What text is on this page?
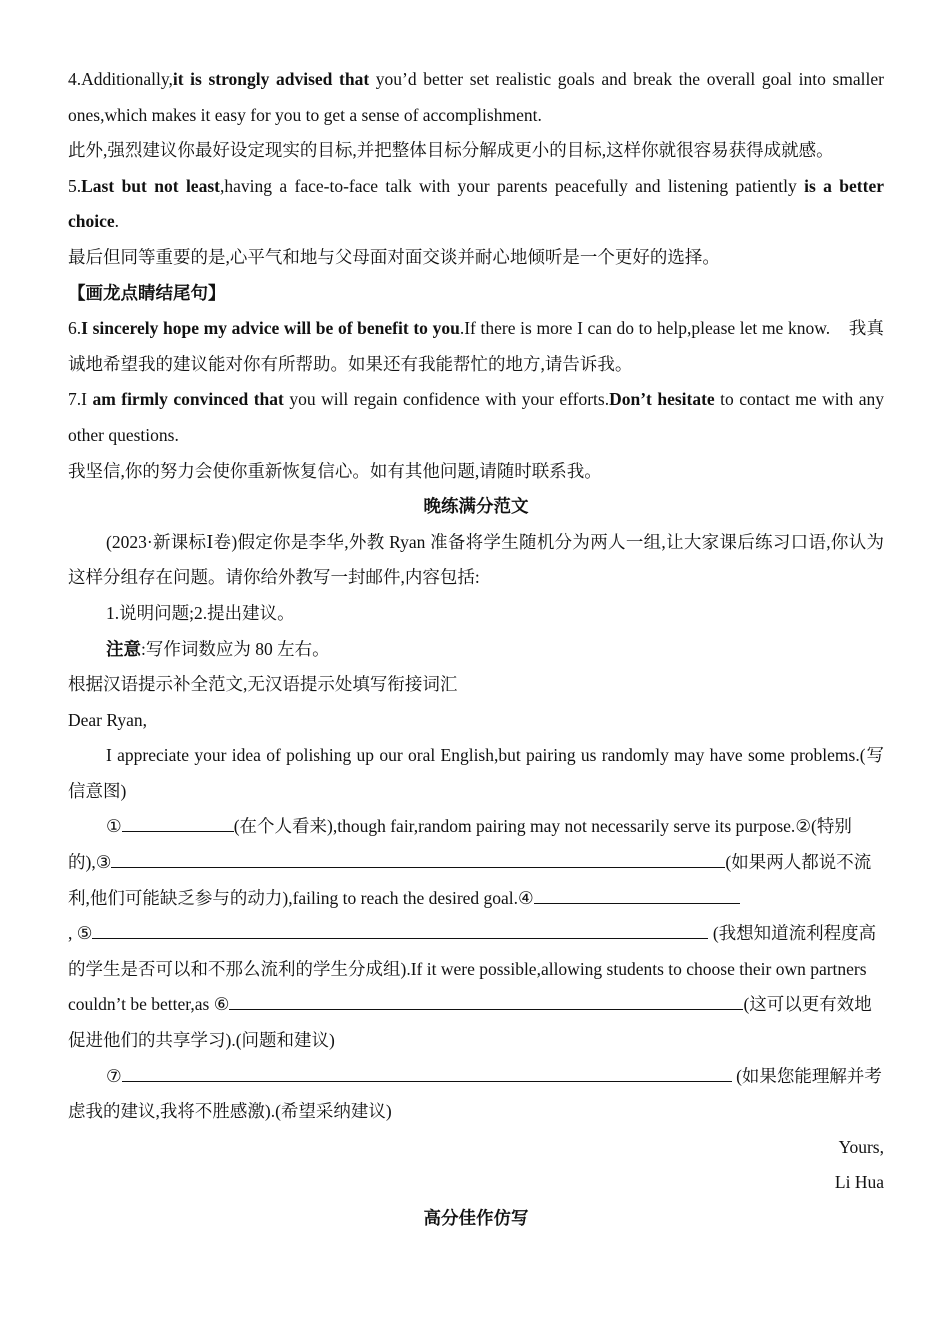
4.Additionally,it is strongly advised that you’d better set realistic goals and break the overall goal into smaller ones,which makes it easy for you to get a sense of accomplishment.

此外,强烈建议你最好设定现实的目标,并把整体目标分解成更小的目标,这样你就很容易获得成就感。

5.Last but not least,having a face-to-face talk with your parents peacefully and listening patiently is a better choice.

最后但同等重要的是,心平气和地与父母面对面交谈并耐心地倾听是一个更好的选择。

【画龙点睛结尾句】

6.I sincerely hope my advice will be of benefit to you.If there is more I can do to help,please let me know. 我真诚地希望我的建议能对你有所帮助。如果还有我能帮忙的地方,请告诉我。

7.I am firmly convinced that you will regain confidence with your efforts.Don’t hesitate to contact me with any other questions.

我坚信,你的努力会使你重新恢复信心。如有其他问题,请随时联系我。

晚练满分范文

(2023·新课标Ⅰ卷)假定你是李华,外教 Ryan 准备将学生随机分为两人一组,让大家课后练习口语,你认为这样分组存在问题。请你给外教写一封邮件,内容包括:

1.说明问题;2.提出建议。

注意:写作词数应为 80 左右。

根据汉语提示补全范文,无汉语提示处填写衔接词汇

Dear Ryan,

I appreciate your idea of polishing up our oral English,but pairing us randomly may have some problems.(写信意图)

①	(在个人看来),though fair,random pairing may not necessarily serve its purpose.②(特别的),③	(如果两人都说不流利,他们可能缺乏参与的动力),failing to reach the desired goal.④
, ⑤	(我想知道流利程度高的学生是否可以和不那么流利的学生分成组).If it were possible,allowing students to choose their own partners couldn’t be better,as ⑥	(这可以更有效地促进他们的共享学习).(问题和建议)

⑦	(如果您能理解并考虑我的建议,我将不胜感激).(希望采纳建议)

Yours,

Li Hua

高分佳作仿写
